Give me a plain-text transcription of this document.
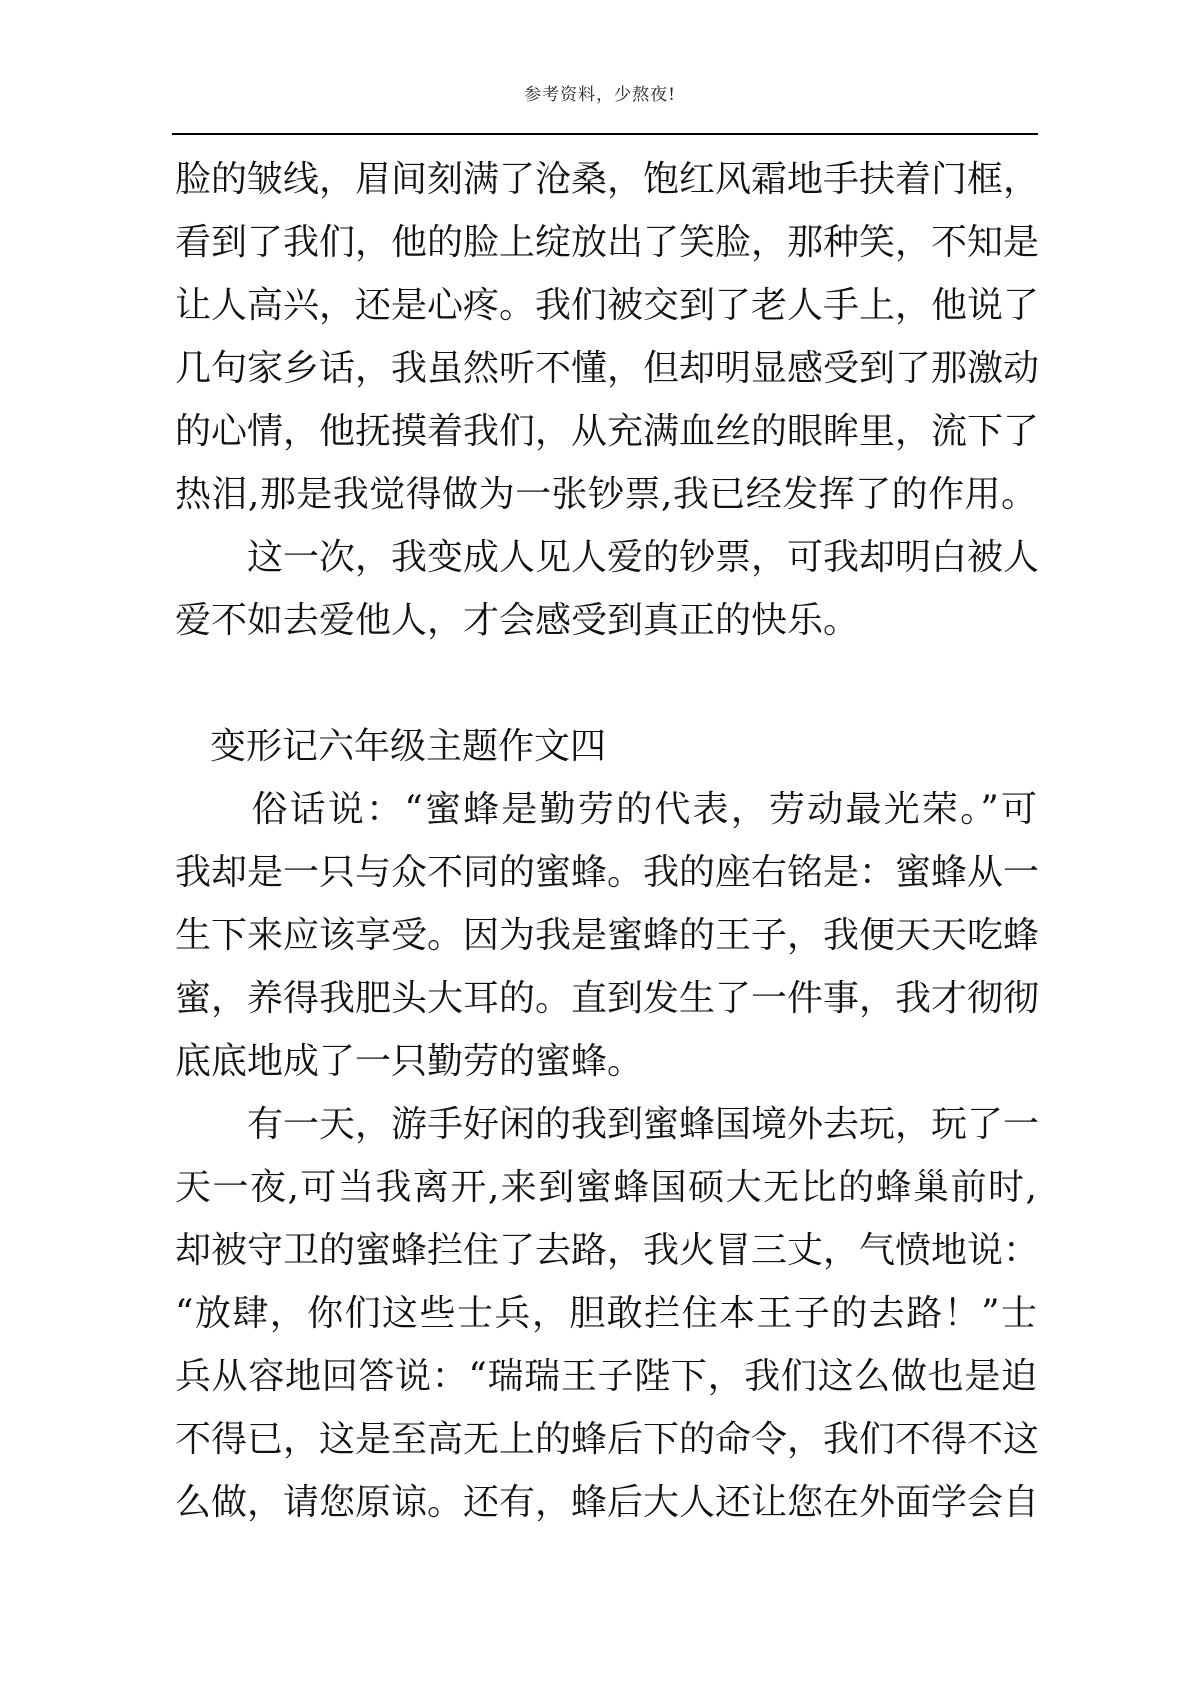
参考资料，少熬夜!
脸的皱线，眉间刻满了沧桑，饱红风霜地手扶着门框，
看到了我们，他的脸上绽放出了笑脸，那种笑，不知是
让人高兴，还是心疼。我们被交到了老人手上，他说了
几句家乡话，我虽然听不懂，但却明显感受到了那激动
的心情，他抚摸着我们，从充满血丝的眼眸里，流下了
热泪,那是我觉得做为一张钞票,我已经发挥了的作用。
　　这一次，我变成人见人爱的钞票，可我却明白被人
爱不如去爱他人，才会感受到真正的快乐。
变形记六年级主题作文四
　　俗话说：“蜜蜂是勤劳的代表，劳动最光荣。”可
我却是一只与众不同的蜜蜂。我的座右铭是：蜜蜂从一
生下来应该享受。因为我是蜜蜂的王子，我便天天吃蜂
蜜，养得我肥头大耳的。直到发生了一件事，我才彻彻
底底地成了一只勤劳的蜜蜂。
　　有一天，游手好闲的我到蜜蜂国境外去玩，玩了一
天一夜,可当我离开,来到蜜蜂国硕大无比的蜂巢前时,
却被守卫的蜜蜂拦住了去路，我火冒三丈，气愤地说：
“放肆，你们这些士兵，胆敢拦住本王子的去路！”士
兵从容地回答说：“瑞瑞王子陛下，我们这么做也是迫
不得已，这是至高无上的蜂后下的命令，我们不得不这
么做，请您原谅。还有，蜂后大人还让您在外面学会自
